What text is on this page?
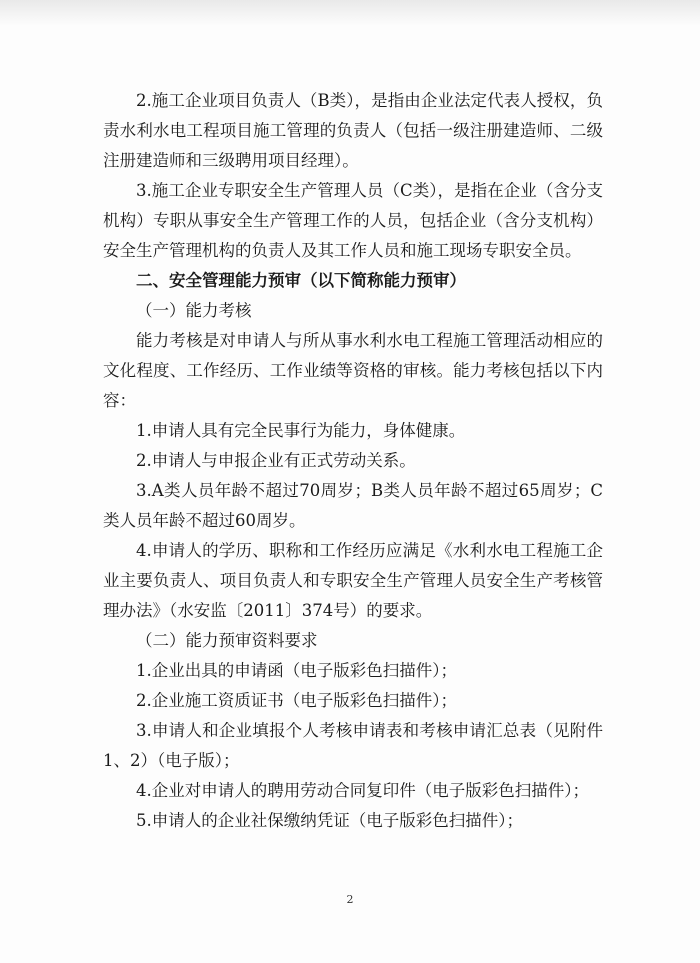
2.施工企业项目负责人（B类），是指由企业法定代表人授权，负责水利水电工程项目施工管理的负责人（包括一级注册建造师、二级注册建造师和三级聘用项目经理）。

3.施工企业专职安全生产管理人员（C类），是指在企业（含分支机构）专职从事安全生产管理工作的人员，包括企业（含分支机构）安全生产管理机构的负责人及其工作人员和施工现场专职安全员。

二、安全管理能力预审（以下简称能力预审）

（一）能力考核

能力考核是对申请人与所从事水利水电工程施工管理活动相应的文化程度、工作经历、工作业绩等资格的审核。能力考核包括以下内容：

1.申请人具有完全民事行为能力，身体健康。

2.申请人与申报企业有正式劳动关系。

3.A类人员年龄不超过70周岁；B类人员年龄不超过65周岁；C类人员年龄不超过60周岁。

4.申请人的学历、职称和工作经历应满足《水利水电工程施工企业主要负责人、项目负责人和专职安全生产管理人员安全生产考核管理办法》（水安监〔2011〕374号）的要求。

（二）能力预审资料要求

1.企业出具的申请函（电子版彩色扫描件）；

2.企业施工资质证书（电子版彩色扫描件）；

3.申请人和企业填报个人考核申请表和考核申请汇总表（见附件1、2）（电子版）；

4.企业对申请人的聘用劳动合同复印件（电子版彩色扫描件）；

5.申请人的企业社保缴纳凭证（电子版彩色扫描件）；

2
